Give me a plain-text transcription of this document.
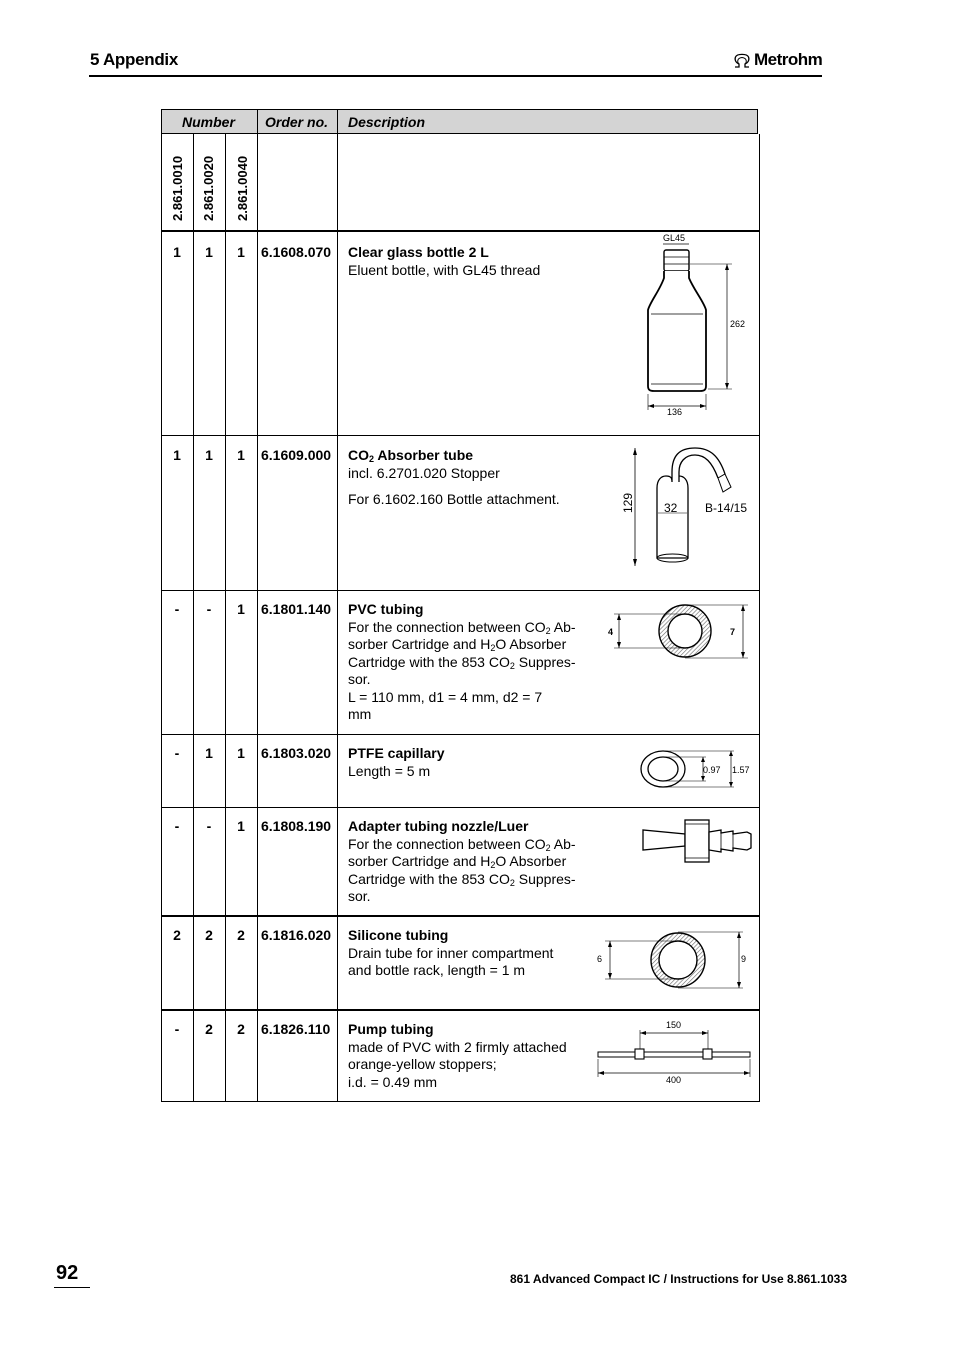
5 Appendix	Metrohm
Number Order no. Description
2.861.0010 2.861.0020 2.861.0040
1	1	1	6.1608.070 Clear glass bottle 2 L
Eluent bottle, with GL45 thread
1	1	1	6.1609.000 $CO_2$ Absorber tube
incl. 6.2701.020 Stopper
For 6.1602.160 Bottle attachment.
-	-	1	6.1801.140 PVC tubing
For the connection between $CO_2$ Ab-
sorber Cartridge and $H_2O$ Absorber
Cartridge with the 853 $CO_2$ Suppres-
sor.
L = 110 mm, d1 = 4 mm, d2 = 7
mm
-	1	1	6.1803.020 PTFE capillary
Length = 5 m
-	-	1	6.1808.190 Adapter tubing nozzle/Luer
For the connection between $CO_2$ Ab-
sorber Cartridge and $H_2O$ Absorber
Cartridge with the 853 $CO_2$ Suppres-
sor.
2	2	2	6.1816.020 Silicone tubing
Drain tube for inner compartment
and bottle rack, length = 1 m
-	2	2	6.1826.110 Pump tubing
made of PVC with 2 firmly attached
orange-yellow stoppers;
i.d. = 0.49 mm
GL45
262
136
129 32 B-14/15
4	7
0.97 1.57
6	9
150
400
92	861 Advanced Compact IC / Instructions for Use 8.861.1033
